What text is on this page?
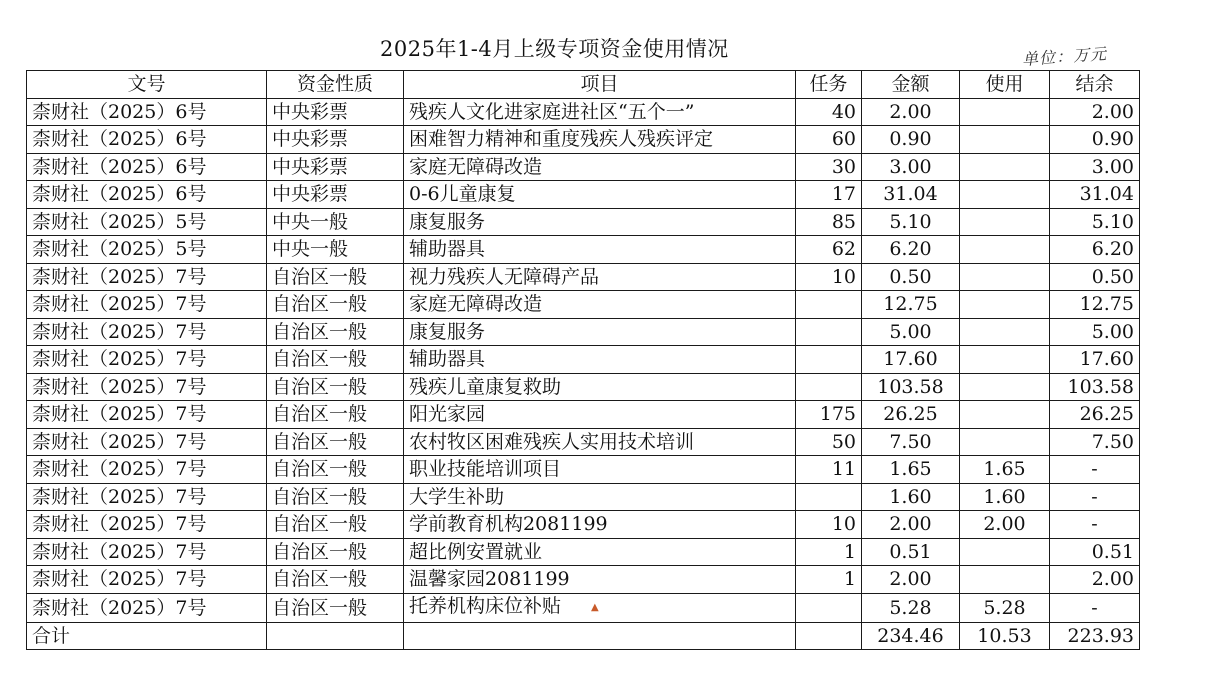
2025年1-4月上级专项资金使用情况	单位：万元
文号	资金性质	项目	任务	金额	使用	结余
柰财社（2025）6号	中央彩票	残疾人文化进家庭进社区“五个一”	40	2.00		2.00
柰财社（2025）6号	中央彩票	困难智力精神和重度残疾人残疾评定	60	0.90		0.90
柰财社（2025）6号	中央彩票	家庭无障碍改造	30	3.00		3.00
柰财社（2025）6号	中央彩票	0-6儿童康复	17	31.04		31.04
柰财社（2025）5号	中央一般	康复服务	85	5.10		5.10
柰财社（2025）5号	中央一般	辅助器具	62	6.20		6.20
柰财社（2025）7号	自治区一般	视力残疾人无障碍产品	10	0.50		0.50
柰财社（2025）7号	自治区一般	家庭无障碍改造		12.75		12.75
柰财社（2025）7号	自治区一般	康复服务		5.00		5.00
柰财社（2025）7号	自治区一般	辅助器具		17.60		17.60
柰财社（2025）7号	自治区一般	残疾儿童康复救助		103.58		103.58
柰财社（2025）7号	自治区一般	阳光家园	175	26.25		26.25
柰财社（2025）7号	自治区一般	农村牧区困难残疾人实用技术培训	50	7.50		7.50
柰财社（2025）7号	自治区一般	职业技能培训项目	11	1.65	1.65	-
柰财社（2025）7号	自治区一般	大学生补助		1.60	1.60	-
柰财社（2025）7号	自治区一般	学前教育机构2081199	10	2.00	2.00	-
柰财社（2025）7号	自治区一般	超比例安置就业	1	0.51		0.51
柰财社（2025）7号	自治区一般	温馨家园2081199	1	2.00		2.00
柰财社（2025）7号	自治区一般	托养机构床位补贴 ▲		5.28	5.28	-
合计				234.46	10.53	223.93
